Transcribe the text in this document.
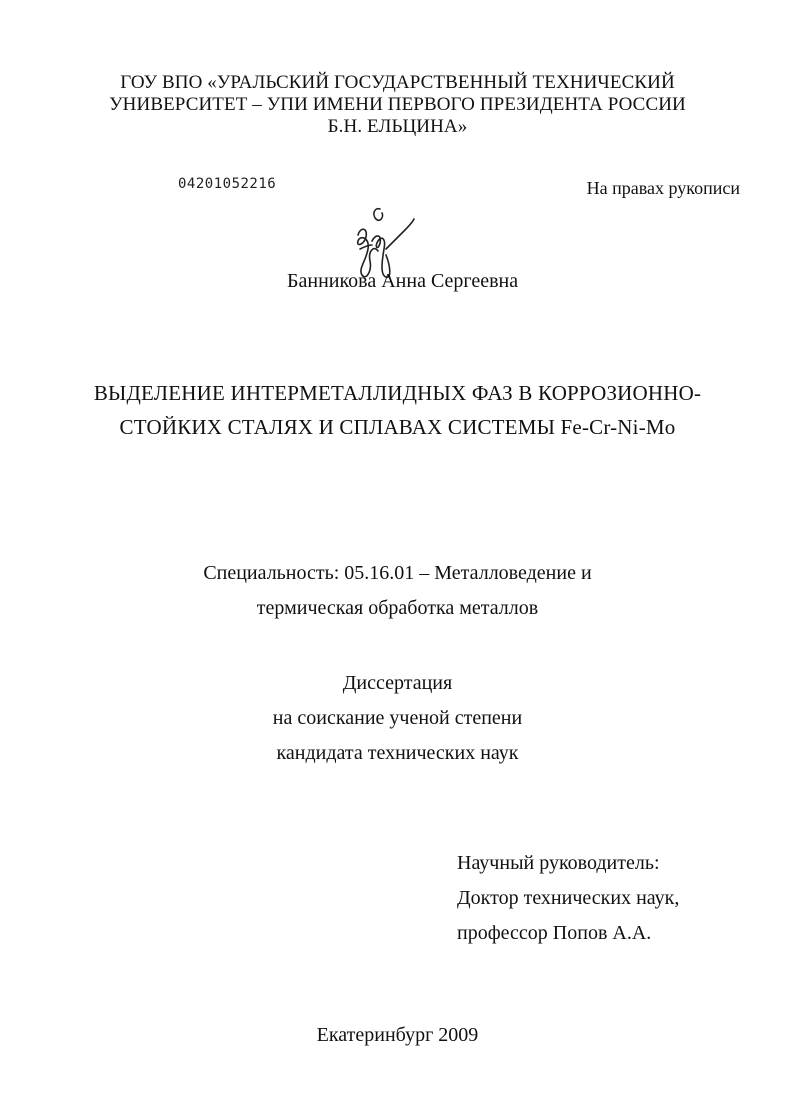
ГОУ ВПО «УРАЛЬСКИЙ ГОСУДАРСТВЕННЫЙ ТЕХНИЧЕСКИЙ
УНИВЕРСИТЕТ – УПИ ИМЕНИ ПЕРВОГО ПРЕЗИДЕНТА РОССИИ
Б.Н. ЕЛЬЦИНА»
04201052216	На правах рукописи
Банникова Анна Сергеевна
ВЫДЕЛЕНИЕ ИНТЕРМЕТАЛЛИДНЫХ ФАЗ В КОРРОЗИОННО-
СТОЙКИХ СТАЛЯХ И СПЛАВАХ СИСТЕМЫ Fe-Cr-Ni-Mo
Специальность: 05.16.01 – Металловедение и
термическая обработка металлов
Диссертация
на соискание ученой степени
кандидата технических наук
Научный руководитель:
Доктор технических наук,
профессор Попов А.А.
Екатеринбург 2009
